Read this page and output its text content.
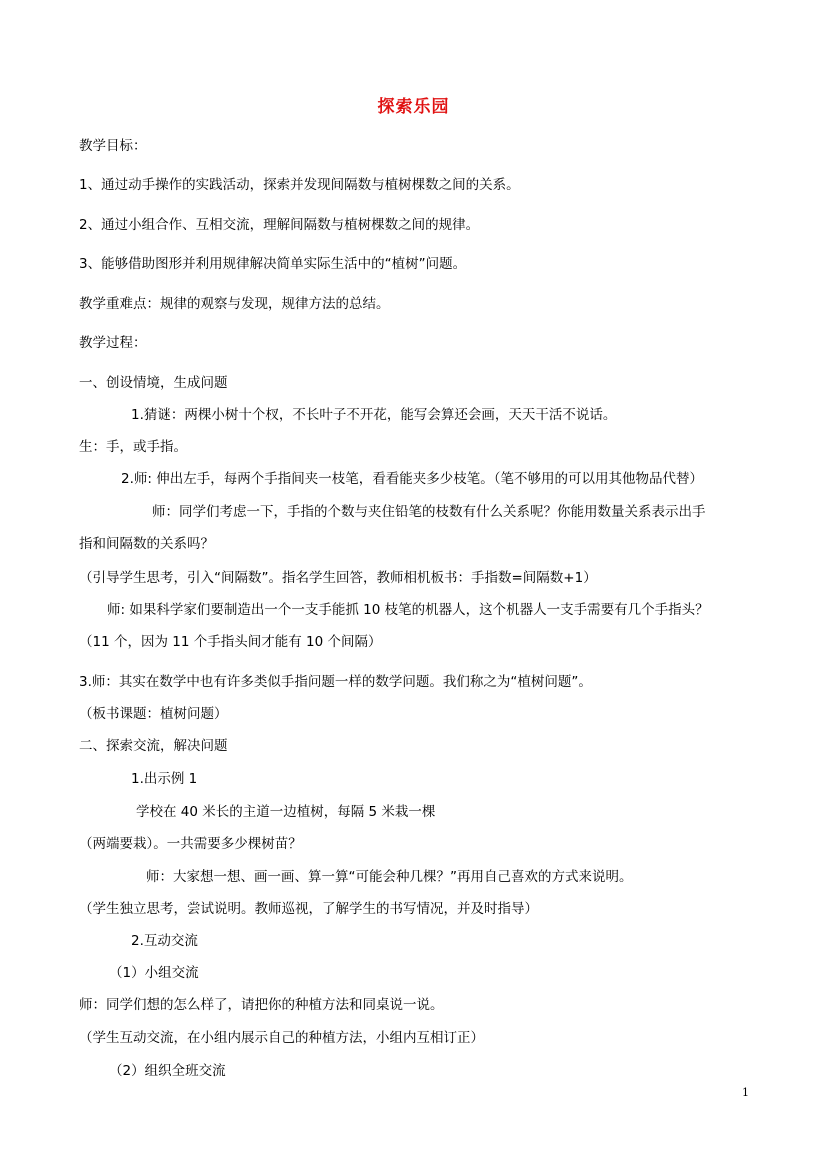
探索乐园
教学目标：
1、通过动手操作的实践活动，探索并发现间隔数与植树棵数之间的关系。
2、通过小组合作、互相交流，理解间隔数与植树棵数之间的规律。
3、能够借助图形并利用规律解决简单实际生活中的“植树”问题。
教学重难点：规律的观察与发现，规律方法的总结。
教学过程：
一、创设情境，生成问题
1.猜谜：两棵小树十个杈，不长叶子不开花，能写会算还会画，天天干活不说话。
生：手，或手指。
2.师: 伸出左手，每两个手指间夹一枝笔，看看能夹多少枝笔。（笔不够用的可以用其他物品代替）
师：同学们考虑一下，手指的个数与夹住铅笔的枝数有什么关系呢？你能用数量关系表示出手
指和间隔数的关系吗？
（引导学生思考，引入“间隔数”。指名学生回答，教师相机板书：手指数=间隔数+1）
师: 如果科学家们要制造出一个一支手能抓 10 枝笔的机器人，这个机器人一支手需要有几个手指头？
（11 个，因为 11 个手指头间才能有 10 个间隔）
3.师：其实在数学中也有许多类似手指问题一样的数学问题。我们称之为“植树问题”。
（板书课题：植树问题）
二、探索交流，解决问题
1.出示例 1
学校在 40 米长的主道一边植树，每隔 5 米栽一棵
（两端要栽）。一共需要多少棵树苗？
师：大家想一想、画一画、算一算“可能会种几棵？”再用自己喜欢的方式来说明。
（学生独立思考，尝试说明。教师巡视，了解学生的书写情况，并及时指导）
2.互动交流
（1）小组交流
师：同学们想的怎么样了，请把你的种植方法和同桌说一说。
（学生互动交流，在小组内展示自己的种植方法，小组内互相订正）
（2）组织全班交流
1
